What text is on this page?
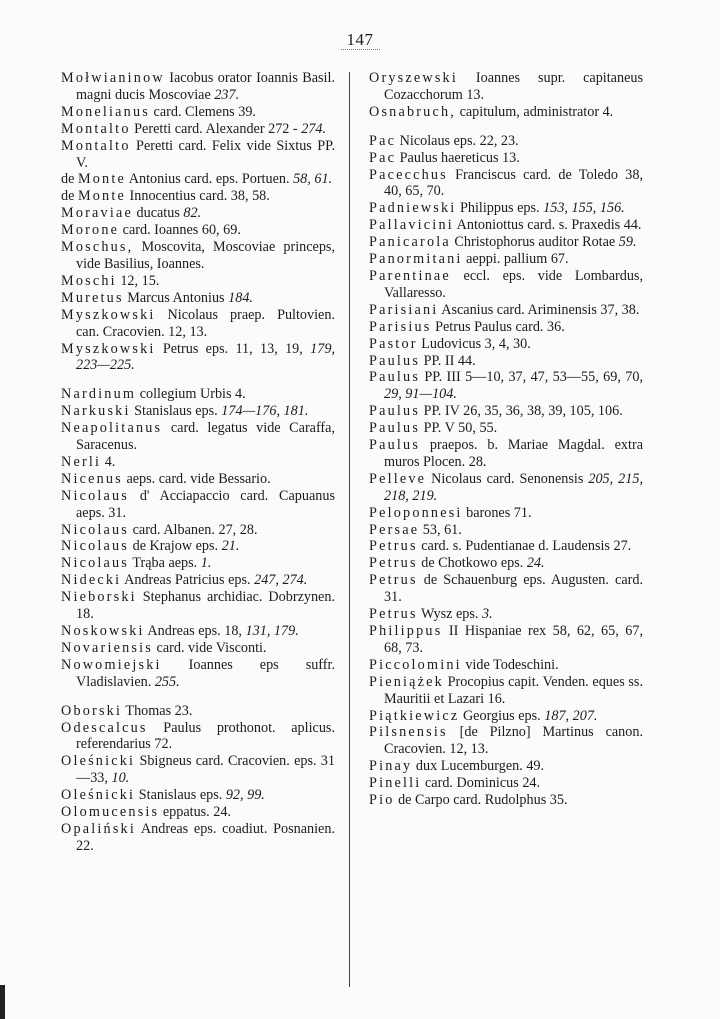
147
Mołwianinow Iacobus orator Ioannis Basil. magni ducis Moscoviae 237.
Monelianus card. Clemens 39.
Montalto Peretti card. Alexander 272 - 274.
Montalto Peretti card. Felix vide Sixtus PP. V.
de Monte Antonius card. eps. Portuen. 58, 61.
de Monte Innocentius card. 38, 58.
Moraviae ducatus 82.
Morone card. Ioannes 60, 69.
Moschus, Moscovita, Moscoviae princeps, vide Basilius, Ioannes.
Moschi 12, 15.
Muretus Marcus Antonius 184.
Myszkowski Nicolaus praep. Pultovien. can. Cracovien. 12, 13.
Myszkowski Petrus eps. 11, 13, 19, 179, 223—225.
Nardinum collegium Urbis 4.
Narkuski Stanislaus eps. 174—176, 181.
Neapolitanus card. legatus vide Caraffa, Saracenus.
Nerli 4.
Nicenus aeps. card. vide Bessario.
Nicolaus d' Acciapaccio card. Capuanus aeps. 31.
Nicolaus card. Albanen. 27, 28.
Nicolaus de Krajow eps. 21.
Nicolaus Trąba aeps. 1.
Nidecki Andreas Patricius eps. 247, 274.
Nieborski Stephanus archidiac. Dobrzynen. 18.
Noskowski Andreas eps. 18, 131, 179.
Novariensis card. vide Visconti.
Nowomiejski Ioannes eps suffr. Vladislavien. 255.
Oborski Thomas 23.
Odescalcus Paulus prothonot. aplicus. referendarius 72.
Oleśnicki Sbigneus card. Cracovien. eps. 31—33, 10.
Oleśnicki Stanislaus eps. 92, 99.
Olomucensis eppatus. 24.
Opaliński Andreas eps. coadiut. Posnanien. 22.
Oryszewski Ioannes supr. capitaneus Cozacchorum 13.
Osnabruch, capitulum, administrator 4.
Pac Nicolaus eps. 22, 23.
Pac Paulus haereticus 13.
Pacecchus Franciscus card. de Toledo 38, 40, 65, 70.
Padniewski Philippus eps. 153, 155, 156.
Pallavicini Antoniottus card. s. Praxedis 44.
Panicarola Christophorus auditor Rotae 59.
Panormitani aeppi. pallium 67.
Parentinae eccl. eps. vide Lombardus, Vallaresso.
Parisiani Ascanius card. Ariminensis 37, 38.
Parisius Petrus Paulus card. 36.
Pastor Ludovicus 3, 4, 30.
Paulus PP. II 44.
Paulus PP. III 5—10, 37, 47, 53—55, 69, 70, 29, 91—104.
Paulus PP. IV 26, 35, 36, 38, 39, 105, 106.
Paulus PP. V 50, 55.
Paulus praepos. b. Mariae Magdal. extra muros Plocen. 28.
Pelleve Nicolaus card. Senonensis 205, 215, 218, 219.
Peloponnesi barones 71.
Persae 53, 61.
Petrus card. s. Pudentianae d. Laudensis 27.
Petrus de Chotkowo eps. 24.
Petrus de Schauenburg eps. Augusten. card. 31.
Petrus Wysz eps. 3.
Philippus II Hispaniae rex 58, 62, 65, 67, 68, 73.
Piccolomini vide Todeschini.
Pieniążek Procopius capit. Venden. eques ss. Mauritii et Lazari 16.
Piątkiewicz Georgius eps. 187, 207.
Pilsnensis [de Pilzno] Martinus canon. Cracovien. 12, 13.
Pinay dux Lucemburgen. 49.
Pinelli card. Dominicus 24.
Pio de Carpo card. Rudolphus 35.
